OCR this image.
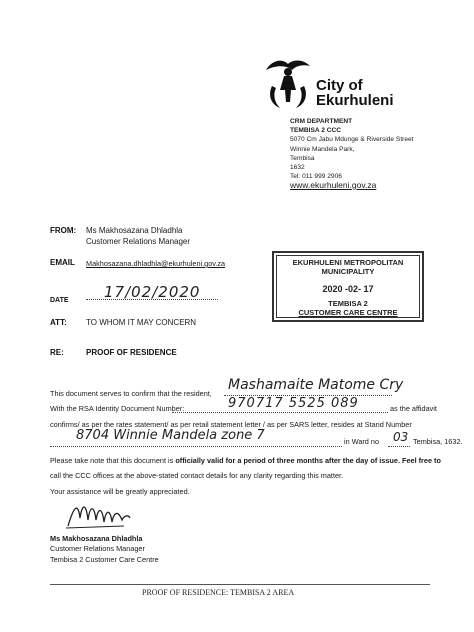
City of
Ekurhuleni
CRM DEPARTMENT
TEMBISA 2 CCC
5070 Cm Jabu Mdunge & Riverside Street
Winnie Mandela Park,
Tembisa
1632
Tel: 011 999 2906
www.ekurhuleni.gov.za
FROM: Ms Makhosazana Dhladhla
Customer Relations Manager
EMAIL Makhosazana.dhladhla@ekurhuleni.gov.za
17/02/2020
DATE
ATT: TO WHOM IT MAY CONCERN
RE:	PROOF OF RESIDENCE
EKURHULENI METROPOLITAN
MUNICIPALITY
2020 -02- 17
TEMBISA 2
CUSTOMER CARE CENTRE
This document serves to confirm that the resident,
Mashamaite Matome Cry
With the RSA Identity Document Number:	970717 5525 089	as the affidavit
confirms/ as per the rates statement/ as per retail statement letter / as per SARS letter, resides at Stand Number
8704 Winnie Mandela zone 7	in Ward no 03 Tembisa, 1632.
Please take note that this document is officially valid for a period of three months after the day of issue. Feel free to
call the CCC offices at the above-stated contact details for any clarity regarding this matter.
Your assistance will be greatly appreciated.
Ms Makhosazana Dhladhla
Customer Relations Manager
Tembisa 2 Customer Care Centre
PROOF OF RESIDENCE: TEMBISA 2 AREA
